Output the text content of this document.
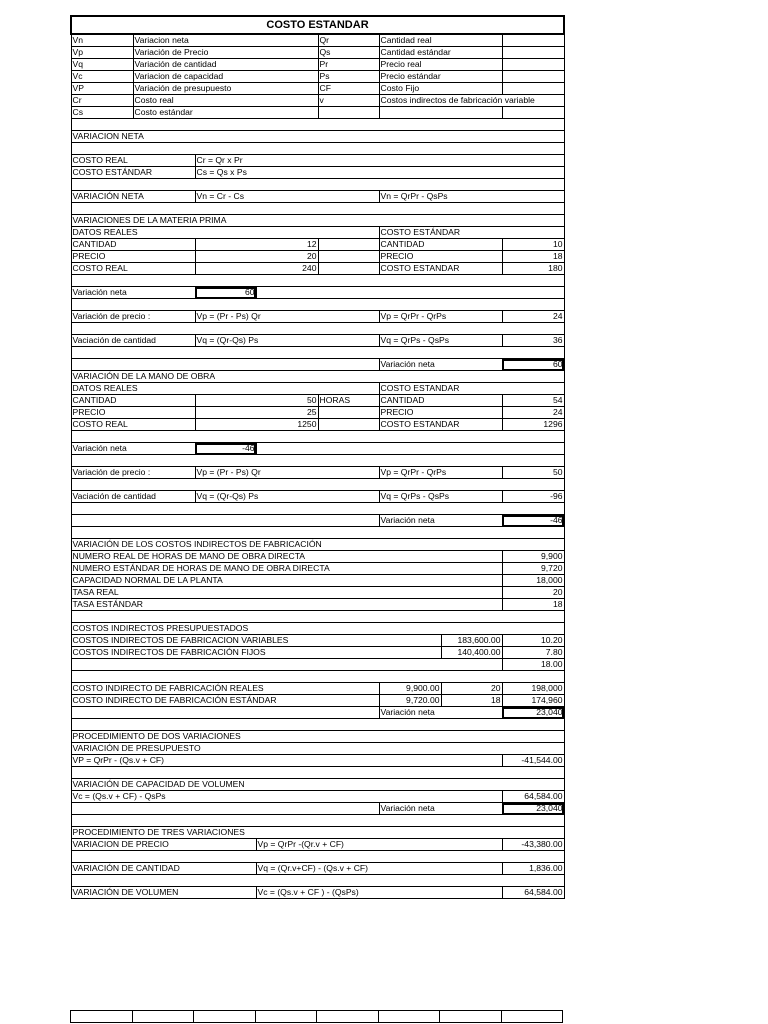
COSTO ESTANDAR							
Vn	Variacion neta			Qr	Cantidad real		
Vp	Variación de Precio			Qs	Cantidad estándar		
Vq	Variación de cantidad			Pr	Precio real		
Vc	Variacion de capacidad			Ps	Precio estándar		
VP	Variación de presupuesto			CF	Costo Fijo		
Cr	Costo real			v	Costos indirectos de fabricación variable		
Cs	Costo estándar						

VARIACION NETA							

COSTO REAL		Cr = Qr x Pr					
COSTO ESTÁNDAR		Cs = Qs x Ps					

VARIACIÓN NETA		Vn = Cr - Cs			Vn = QrPr - QsPs		

VARIACIONES DE LA MATERIA PRIMA							
DATOS REALES					COSTO ESTÁNDAR		
CANTIDAD		12			CANTIDAD		10
PRECIO		20			PRECIO		18
COSTO REAL		240			COSTO ESTANDAR		180

Variación neta		60					

Variación de precio :		Vp = (Pr - Ps) Qr			Vp = QrPr - QrPs		24

Vaciación de cantidad		Vq = (Qr-Qs) Ps			Vq = QrPs - QsPs		36

					Variación neta		60
VARIACIÓN DE LA MANO DE OBRA							
DATOS REALES					COSTO ESTANDAR		
CANTIDAD		50		HORAS	CANTIDAD		54
PRECIO		25			PRECIO		24
COSTO REAL		1250			COSTO ESTANDAR		1296

Variación neta		-46					

Variación de precio :		Vp = (Pr - Ps) Qr			Vp = QrPr - QrPs		50

Vaciación de cantidad		Vq = (Qr-Qs) Ps			Vq = QrPs - QsPs		-96

					Variación neta		-46

VARIACIÓN DE LOS COSTOS INDIRECTOS DE FABRICACIÓN							
NUMERO REAL DE HORAS DE MANO DE OBRA DIRECTA							9,900
NUMERO ESTÁNDAR DE HORAS DE MANO DE OBRA DIRECTA							9,720
CAPACIDAD NORMAL DE LA PLANTA							18,000
TASA REAL							20
TASA ESTÁNDAR							18

COSTOS INDIRECTOS PRESUPUESTADOS							
COSTOS INDIRECTOS DE FABRICACION VARIABLES						183,600.00	10.20
COSTOS INDIRECTOS DE FABRICACIÓN FIJOS						140,400.00	7.80
							18.00

COSTO INDIRECTO DE FABRICACIÓN REALES					9,900.00	20	198,000
COSTO INDIRECTO DE FABRICACIÓN ESTÁNDAR					9,720.00	18	174,960
					Variación neta		23,040

PROCEDIMIENTO DE DOS VARIACIONES							
VARIACIÓN DE PRESUPUESTO							
VP = QrPr - (Qs.v + CF)							-41,544.00

VARIACIÓN DE CAPACIDAD DE VOLUMEN							
Vc = (Qs.v + CF) - QsPs							64,584.00
					Variación neta		23,040

PROCEDIMIENTO DE TRES VARIACIONES							
VARIACION DE PRECIO			Vp = QrPr -(Qr.v + CF)				-43,380.00

VARIACIÓN DE CANTIDAD			Vq = (Qr.v+CF) - (Qs.v + CF)				1,836.00

VARIACIÓN DE VOLUMEN			Vc = (Qs.v + CF ) - (QsPs)				64,584.00
